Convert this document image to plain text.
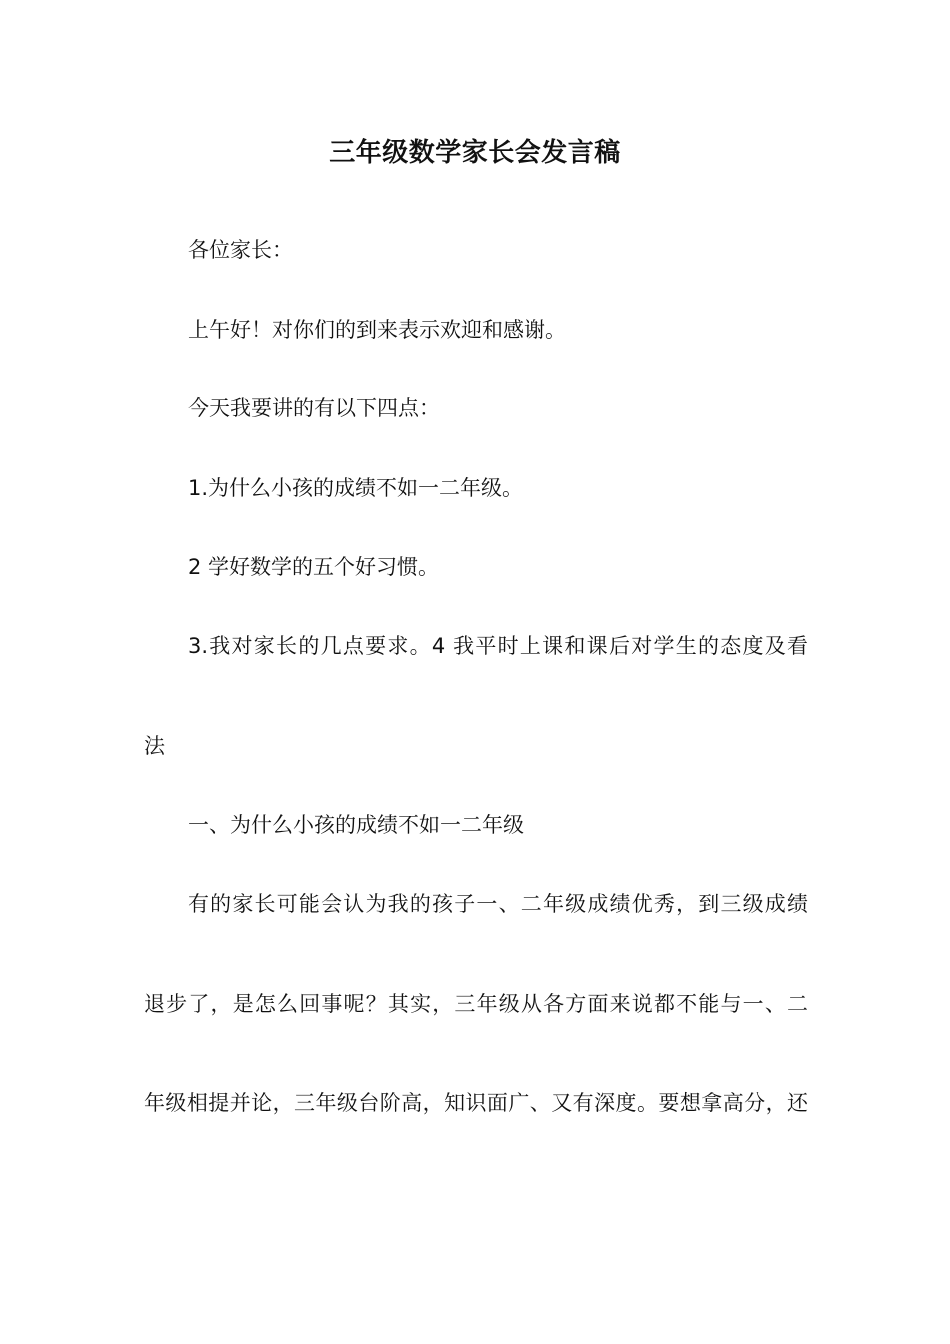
三年级数学家长会发言稿

各位家长：

上午好！对你们的到来表示欢迎和感谢。

今天我要讲的有以下四点：

1.为什么小孩的成绩不如一二年级。

2 学好数学的五个好习惯。

3.我对家长的几点要求。4 我平时上课和课后对学生的态度及看

法

一、为什么小孩的成绩不如一二年级

有的家长可能会认为我的孩子一、二年级成绩优秀，到三级成绩

退步了，是怎么回事呢？其实，三年级从各方面来说都不能与一、二

年级相提并论，三年级台阶高，知识面广、又有深度。要想拿高分，还
